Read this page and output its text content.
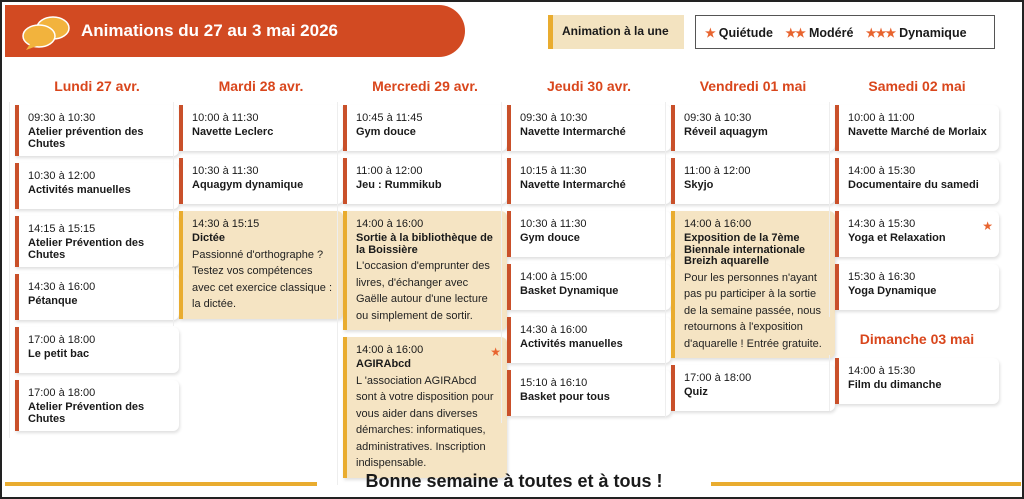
Animations du 27 au 3 mai 2026	Animation à la une	★ Quiétude ★★ Modéré ★★★ Dynamique
Lundi 27 avr.	Mardi 28 avr.	Mercredi 29 avr.	Jeudi 30 avr.	Vendredi 01 mai	Samedi 02 mai
Dimanche 03 mai
09:30 à 10:30
Atelier prévention des Chutes
10:30 à 12:00
Activités manuelles
14:15 à 15:15
Atelier Prévention des Chutes
14:30 à 16:00
Pétanque
17:00 à 18:00
Le petit bac
17:00 à 18:00
Atelier Prévention des Chutes
10:00 à 11:30
Navette Leclerc
10:30 à 11:30
Aquagym dynamique
14:30 à 15:15
Dictée
Passionné d'orthographe ? Testez vos compétences avec cet exercice classique : la dictée.
10:45 à 11:45
Gym douce
11:00 à 12:00
Jeu : Rummikub
14:00 à 16:00
Sortie à la bibliothèque de la Boissière
L'occasion d'emprunter des livres, d'échanger avec Gaëlle autour d'une lecture ou simplement de sortir.
14:00 à 16:00
AGIRAbcd
L 'association AGIRAbcd sont à votre disposition pour vous aider dans diverses démarches: informatiques, administratives. Inscription indispensable.
★
09:30 à 10:30
Navette Intermarché
10:15 à 11:30
Navette Intermarché
10:30 à 11:30
Gym douce
14:00 à 15:00
Basket Dynamique
14:30 à 16:00
Activités manuelles
15:10 à 16:10
Basket pour tous
09:30 à 10:30
Réveil aquagym
11:00 à 12:00
Skyjo
14:00 à 16:00
Exposition de la 7ème Biennale internationale Breizh aquarelle
Pour les personnes n'ayant pas pu participer à la sortie de la semaine passée, nous retournons à l'exposition d'aquarelle ! Entrée gratuite.
17:00 à 18:00
Quiz
10:00 à 11:00
Navette Marché de Morlaix
14:00 à 15:30
Documentaire du samedi
14:30 à 15:30
Yoga et Relaxation
★
15:30 à 16:30
Yoga Dynamique
14:00 à 15:30
Film du dimanche
Bonne semaine à toutes et à tous !
